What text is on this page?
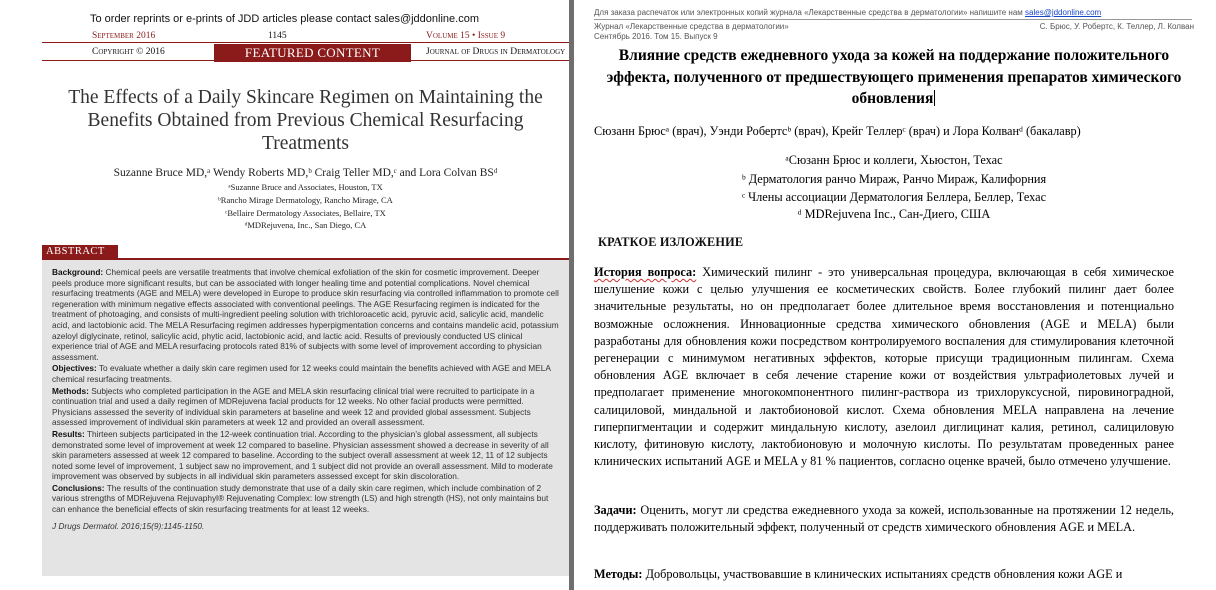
To order reprints or e-prints of JDD articles please contact sales@jddonline.com
September 2016	1145	Volume 15 • Issue 9
Copyright © 2016	FEATURED CONTENT	Journal of Drugs in Dermatology
The Effects of a Daily Skincare Regimen on Maintaining the Benefits Obtained from Previous Chemical Resurfacing Treatments
Suzanne Bruce MD,ᵃ Wendy Roberts MD,ᵇ Craig Teller MD,ᶜ and Lora Colvan BSᵈ
ᵃSuzanne Bruce and Associates, Houston, TX
ᵇRancho Mirage Dermatology, Rancho Mirage, CA
ᶜBellaire Dermatology Associates, Bellaire, TX
ᵈMDRejuvena, Inc., San Diego, CA
ABSTRACT

Background: Chemical peels are versatile treatments that involve chemical exfoliation of the skin for cosmetic improvement. Deeper peels produce more significant results, but can be associated with longer healing time and potential complications. Novel chemical resurfacing treatments (AGE and MELA) were developed in Europe to produce skin resurfacing via controlled inflammation to promote cell regeneration with minimum negative effects associated with conventional peelings. The AGE Resurfacing regimen is indicated for the treatment of photoaging, and consists of multi-ingredient peeling solution with trichloroacetic acid, pyruvic acid, salicylic acid, mandelic acid, and lactobionic acid. The MELA Resurfacing regimen addresses hyperpigmentation concerns and contains mandelic acid, potassium azeloyl diglycinate, retinol, salicylic acid, phytic acid, lactobionic acid, and lactic acid. Results of previously conducted US clinical experience trial of AGE and MELA resurfacing protocols rated 81% of subjects with some level of improvement according to physician assessment.

Objectives: To evaluate whether a daily skin care regimen used for 12 weeks could maintain the benefits achieved with AGE and MELA chemical resurfacing treatments.

Methods: Subjects who completed participation in the AGE and MELA skin resurfacing clinical trial were recruited to participate in a continuation trial and used a daily regimen of MDRejuvena facial products for 12 weeks. No other facial products were permitted. Physicians assessed the severity of individual skin parameters at baseline and week 12 and provided global assessment. Subjects assessed improvement of individual skin parameters at week 12 and provided an overall assessment.

Results: Thirteen subjects participated in the 12-week continuation trial. According to the physician’s global assessment, all subjects demonstrated some level of improvement at week 12 compared to baseline. Physician assessment showed a decrease in severity of all skin parameters assessed at week 12 compared to baseline. According to the subject overall assessment at week 12, 11 of 12 subjects noted some level of improvement, 1 subject saw no improvement, and 1 subject did not provide an overall assessment. Mild to moderate improvement was observed by subjects in all individual skin parameters assessed except for skin discoloration.

Conclusions: The results of the continuation study demonstrate that use of a daily skin care regimen, which include combination of 2 various strengths of MDRejuvena Rejuvaphyl® Rejuvenating Complex: low strength (LS) and high strength (HS), not only maintains but can enhance the beneficial effects of skin resurfacing treatments for at least 12 weeks.

J Drugs Dermatol. 2016;15(9):1145-1150.

Для заказа распечаток или электронных копий журнала «Лекарственные средства в дерматологии» напишите нам sales@jddonline.com
Журнал «Лекарственные средства в дерматологии»	С. Брюс, У. Робертс, К. Теллер, Л. Колван
Сентябрь 2016. Том 15. Выпуск 9
Влияние средств ежедневного ухода за кожей на поддержание положительного эффекта, полученного от предшествующего применения препаратов химического обновления
Сюзанн Брюсᵃ (врач), Уэнди Робертсᵇ (врач), Крейг Теллерᶜ (врач) и Лора Колванᵈ (бакалавр)
ᵃСюзанн Брюс и коллеги, Хьюстон, Техас
ᵇ Дерматология ранчо Мираж, Ранчо Мираж, Калифорния
ᶜ Члены ассоциации Дерматология Беллера, Беллер, Техас
ᵈ MDRejuvena Inc., Сан-Диего, США
КРАТКОЕ ИЗЛОЖЕНИЕ
История вопроса: Химический пилинг - это универсальная процедура, включающая в себя химическое шелушение кожи с целью улучшения ее косметических свойств. Более глубокий пилинг дает более значительные результаты, но он предполагает более длительное время восстановления и потенциально возможные осложнения. Инновационные средства химического обновления (AGE и MELA) были разработаны для обновления кожи посредством контролируемого воспаления для стимулирования клеточной регенерации с минимумом негативных эффектов, которые присущи традиционным пилингам. Схема обновления AGE включает в себя лечение старение кожи от воздействия ультрафиолетовых лучей и предполагает применение многокомпонентного пилинг-раствора из трихлоруксусной, пировиноградной, салициловой, миндальной и лактобионовой кислот. Схема обновления MELA направлена на лечение гиперпигментации и содержит миндальную кислоту, азелоил диглицинат калия, ретинол, салициловую кислоту, фитиновую кислоту, лактобионовую и молочную кислоты. По результатам проведенных ранее клинических испытаний AGE и MELA у 81 % пациентов, согласно оценке врачей, было отмечено улучшение.
Задачи: Оценить, могут ли средства ежедневного ухода за кожей, использованные на протяжении 12 недель, поддерживать положительный эффект, полученный от средств химического обновления AGE и MELA.
Методы: Добровольцы, участвовавшие в клинических испытаниях средств обновления кожи AGE и
